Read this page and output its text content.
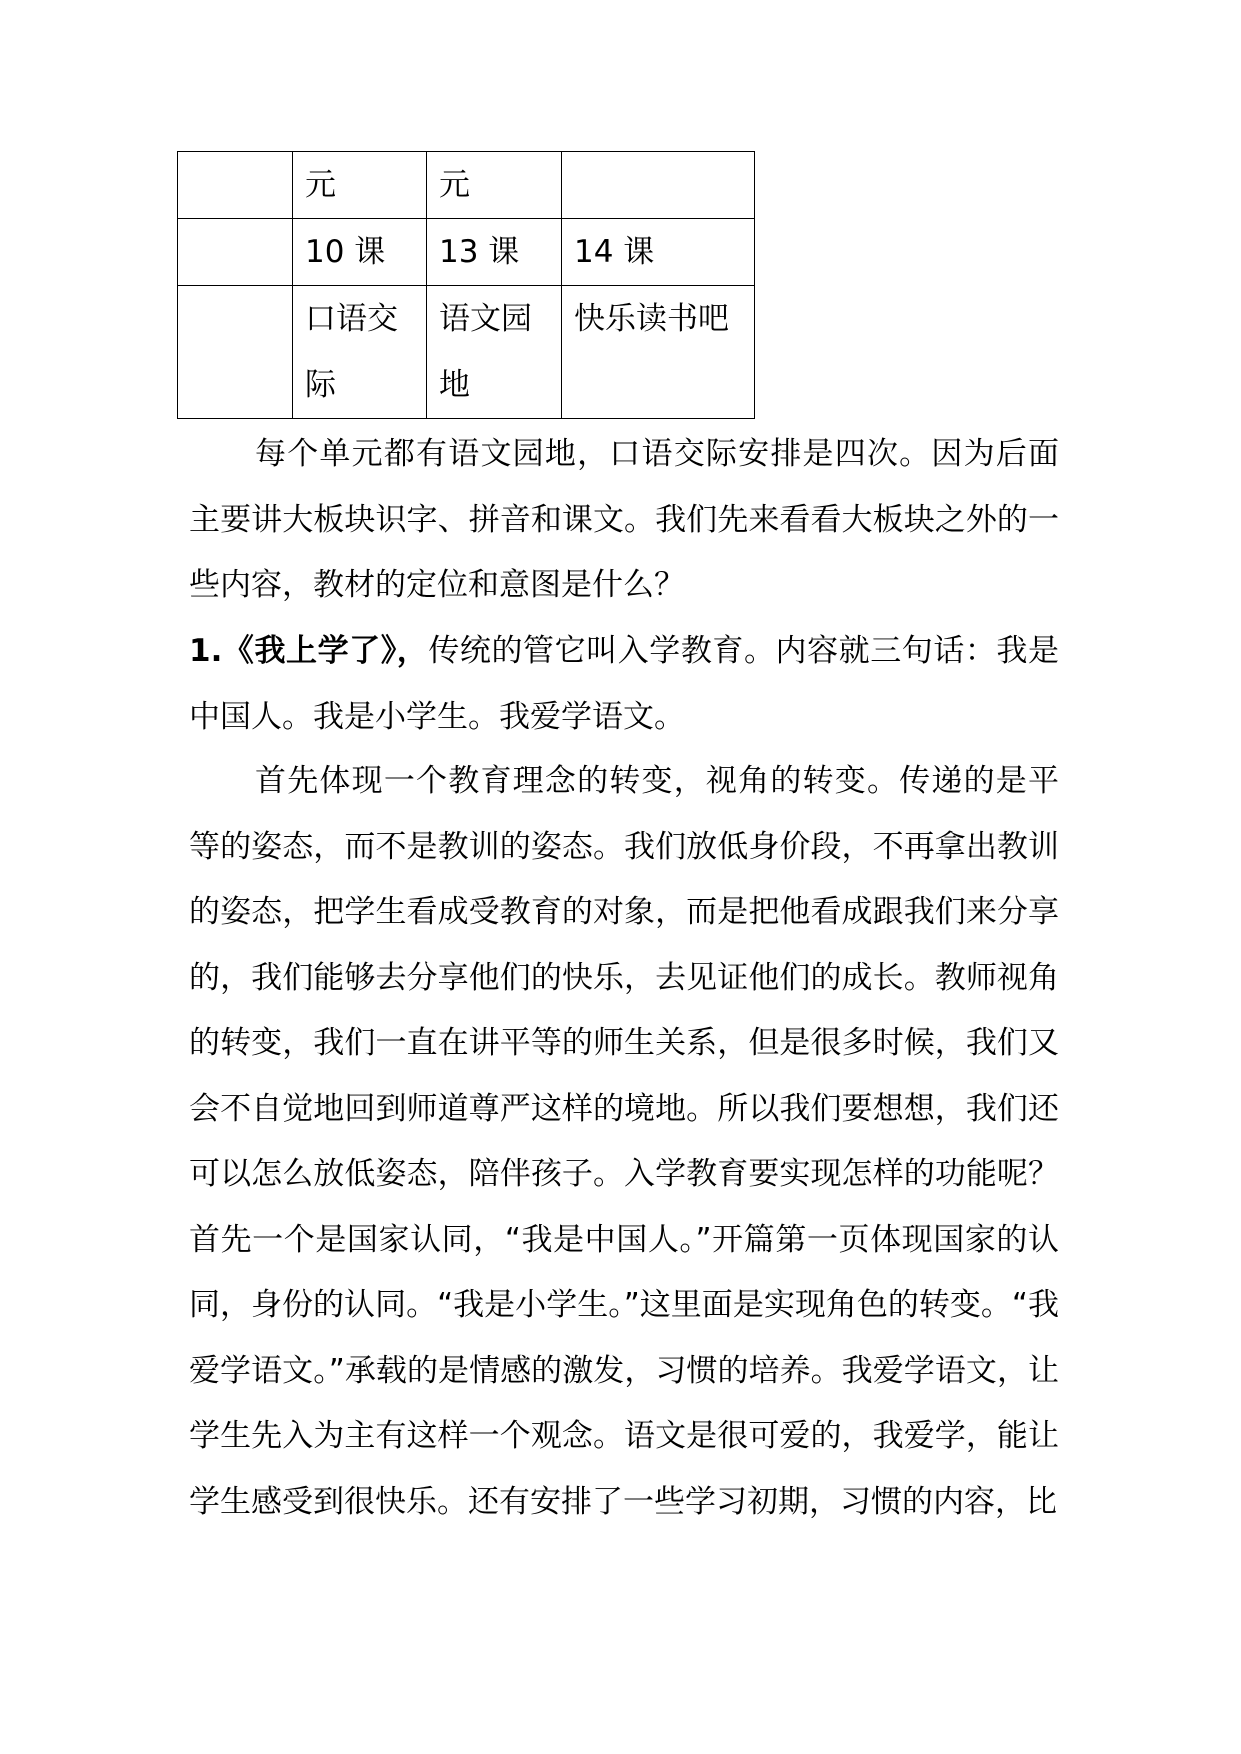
	元	元	
	10 课	13 课	14 课
	口语交际	语文园地	快乐读书吧

每个单元都有语文园地，口语交际安排是四次。因为后面主要讲大板块识字、拼音和课文。我们先来看看大板块之外的一些内容，教材的定位和意图是什么？

1.《我上学了》，传统的管它叫入学教育。内容就三句话：我是中国人。我是小学生。我爱学语文。

首先体现一个教育理念的转变，视角的转变。传递的是平等的姿态，而不是教训的姿态。我们放低身价段，不再拿出教训的姿态，把学生看成受教育的对象，而是把他看成跟我们来分享的，我们能够去分享他们的快乐，去见证他们的成长。教师视角的转变，我们一直在讲平等的师生关系，但是很多时候，我们又会不自觉地回到师道尊严这样的境地。所以我们要想想，我们还可以怎么放低姿态，陪伴孩子。入学教育要实现怎样的功能呢？首先一个是国家认同，“我是中国人。”开篇第一页体现国家的认同，身份的认同。“我是小学生。”这里面是实现角色的转变。“我爱学语文。”承载的是情感的激发，习惯的培养。我爱学语文，让学生先入为主有这样一个观念。语文是很可爱的，我爱学，能让学生感受到很快乐。还有安排了一些学习初期，习惯的内容，比
